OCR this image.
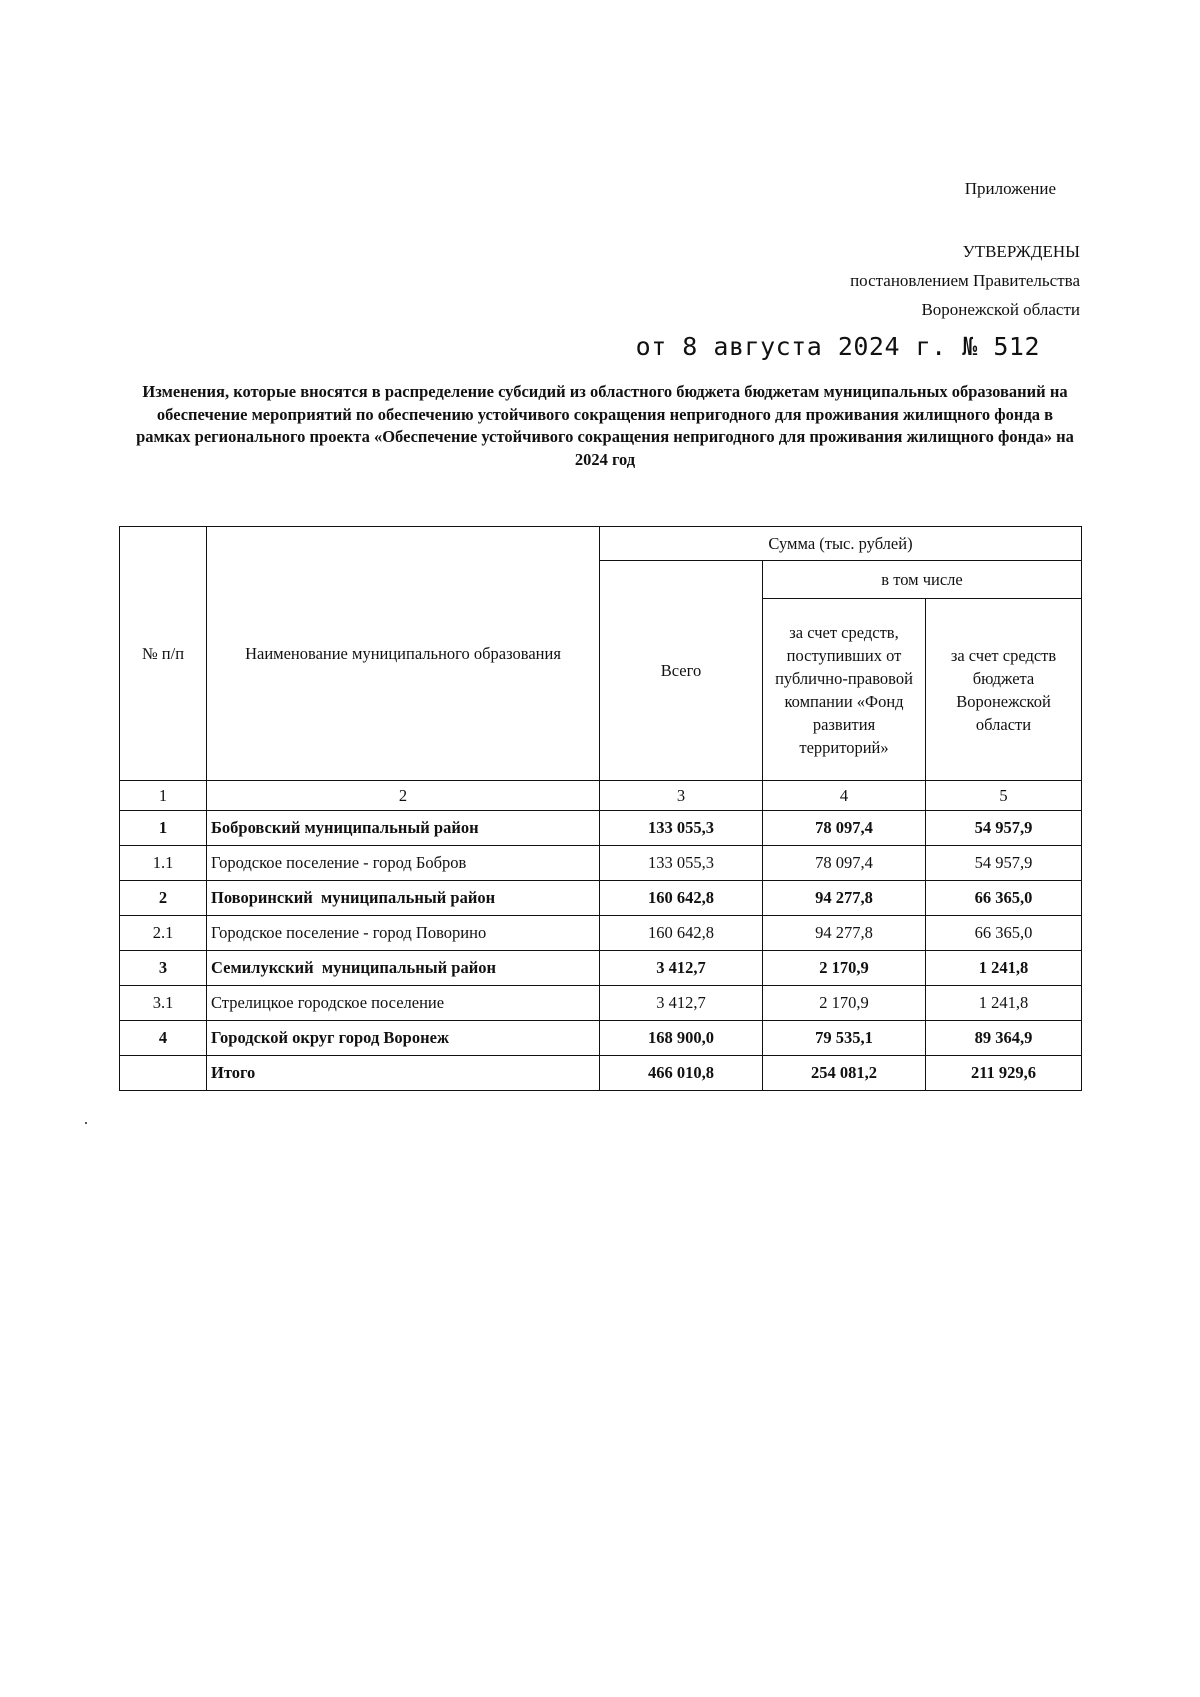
Приложение
УТВЕРЖДЕНЫ
постановлением Правительства
Воронежской области
от 8 августа 2024 г. № 512
Изменения, которые вносятся в распределение субсидий из областного бюджета бюджетам муниципальных образований на обеспечение мероприятий по обеспечению устойчивого сокращения непригодного для проживания жилищного фонда в рамках регионального проекта «Обеспечение устойчивого сокращения непригодного для проживания жилищного фонда» на 2024 год
№ п/п	Наименование муниципального образования	Сумма (тыс. рублей)		
		Всего	в том числе	
			за счет средств, поступивших от публично-правовой компании «Фонд развития территорий»	за счет средств бюджета Воронежской области
1	2	3	4	5
1	Бобровский муниципальный район	133 055,3	78 097,4	54 957,9
1.1	Городское поселение - город Бобров	133 055,3	78 097,4	54 957,9
2	Поворинский  муниципальный район	160 642,8	94 277,8	66 365,0
2.1	Городское поселение - город Поворино	160 642,8	94 277,8	66 365,0
3	Семилукский  муниципальный район	3 412,7	2 170,9	1 241,8
3.1	Стрелицкое городское поселение	3 412,7	2 170,9	1 241,8
4	Городской округ город Воронеж	168 900,0	79 535,1	89 364,9
	Итого	466 010,8	254 081,2	211 929,6
